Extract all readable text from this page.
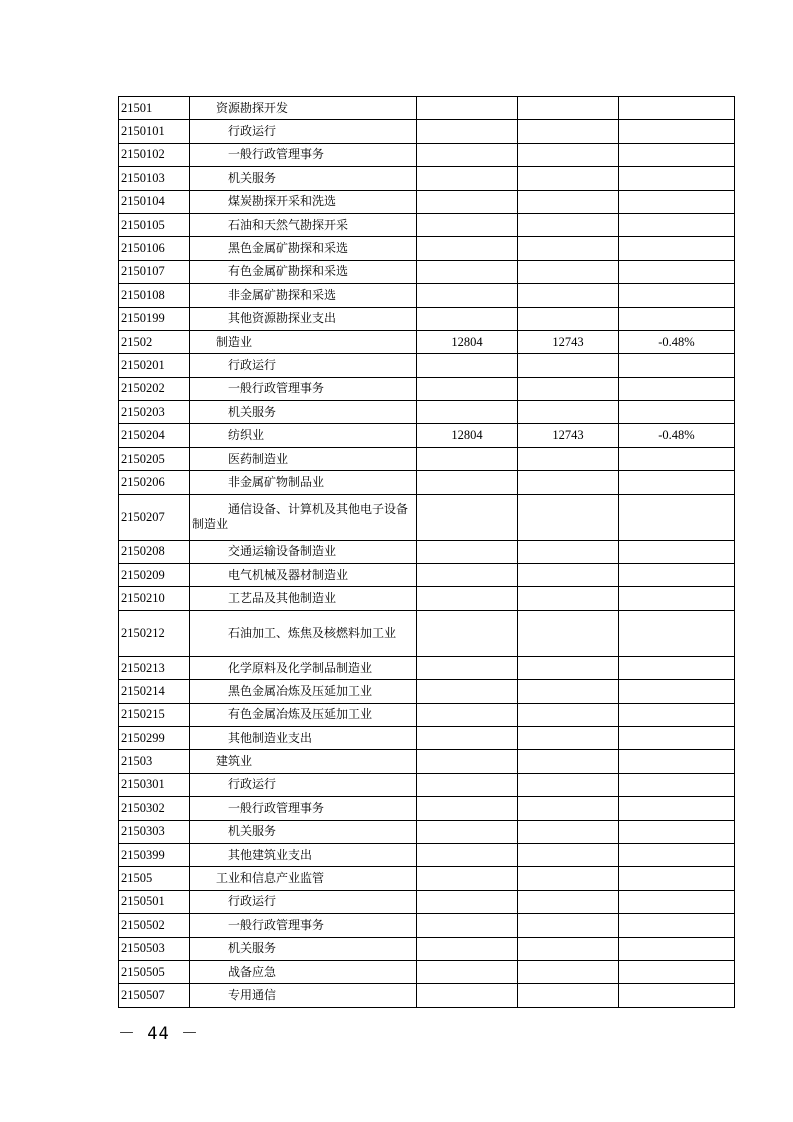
21501	资源勘探开发			
2150101	行政运行			
2150102	一般行政管理事务			
2150103	机关服务			
2150104	煤炭勘探开采和洗选			
2150105	石油和天然气勘探开采			
2150106	黑色金属矿勘探和采选			
2150107	有色金属矿勘探和采选			
2150108	非金属矿勘探和采选			
2150199	其他资源勘探业支出			
21502	制造业	12804	12743	-0.48%
2150201	行政运行			
2150202	一般行政管理事务			
2150203	机关服务			
2150204	纺织业	12804	12743	-0.48%
2150205	医药制造业			
2150206	非金属矿物制品业			
2150207	通信设备、计算机及其他电子设备制造业			
2150208	交通运输设备制造业			
2150209	电气机械及器材制造业			
2150210	工艺品及其他制造业			
2150212	石油加工、炼焦及核燃料加工业			
2150213	化学原料及化学制品制造业			
2150214	黑色金属冶炼及压延加工业			
2150215	有色金属冶炼及压延加工业			
2150299	其他制造业支出			
21503	建筑业			
2150301	行政运行			
2150302	一般行政管理事务			
2150303	机关服务			
2150399	其他建筑业支出			
21505	工业和信息产业监管			
2150501	行政运行			
2150502	一般行政管理事务			
2150503	机关服务			
2150505	战备应急			
2150507	专用通信			
－ 44 －
